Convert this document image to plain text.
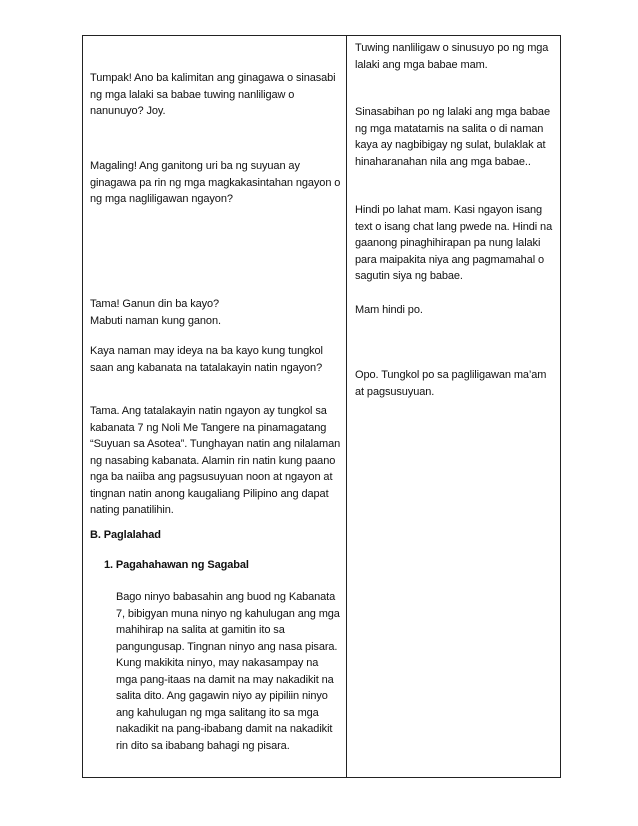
Tumpak! Ano ba kalimitan ang ginagawa o sinasabi ng mga lalaki sa babae tuwing nanliligaw o nanunuyo? Joy.

Magaling! Ang ganitong uri ba ng suyuan ay ginagawa pa rin ng mga magkakasintahan ngayon o ng mga nagliligawan ngayon?

Tama! Ganun din ba kayo?

Mabuti naman kung ganon.

Kaya naman may ideya na ba kayo kung tungkol saan ang kabanata na tatalakayin natin ngayon?

Tama. Ang tatalakayin natin ngayon ay tungkol sa kabanata 7 ng Noli Me Tangere na pinamagatang “Suyuan sa Asotea”. Tunghayan natin ang nilalaman ng nasabing kabanata. Alamin rin natin kung paano nga ba naiiba ang pagsusuyuan noon at ngayon at tingnan natin anong kaugaliang Pilipino ang dapat nating panatilihin.

B. Paglalahad

1. Pagahahawan ng Sagabal

Bago ninyo babasahin ang buod ng Kabanata 7, bibigyan muna ninyo ng kahulugan ang mga mahihirap na salita at gamitin ito sa pangungusap. Tingnan ninyo ang nasa pisara. Kung makikita ninyo, may nakasampay na mga pang-itaas na damit na may nakadikit na salita dito. Ang gagawin niyo ay pipiliin ninyo ang kahulugan ng mga salitang ito sa mga nakadikit na pang-ibabang damit na nakadikit rin dito sa ibabang bahagi ng pisara.

Tuwing nanliligaw o sinusuyo po ng mga lalaki ang mga babae mam.

Sinasabihan po ng lalaki ang mga babae ng mga matatamis na salita o di naman kaya ay nagbibigay ng sulat, bulaklak at hinaharanahan nila ang mga babae..

Hindi po lahat mam. Kasi ngayon isang text o isang chat lang pwede na. Hindi na gaanong pinaghihirapan pa nung lalaki para maipakita niya ang pagmamahal o sagutin siya ng babae.

Mam hindi po.

Opo. Tungkol po sa pagliligawan ma’am at pagsusuyuan.
